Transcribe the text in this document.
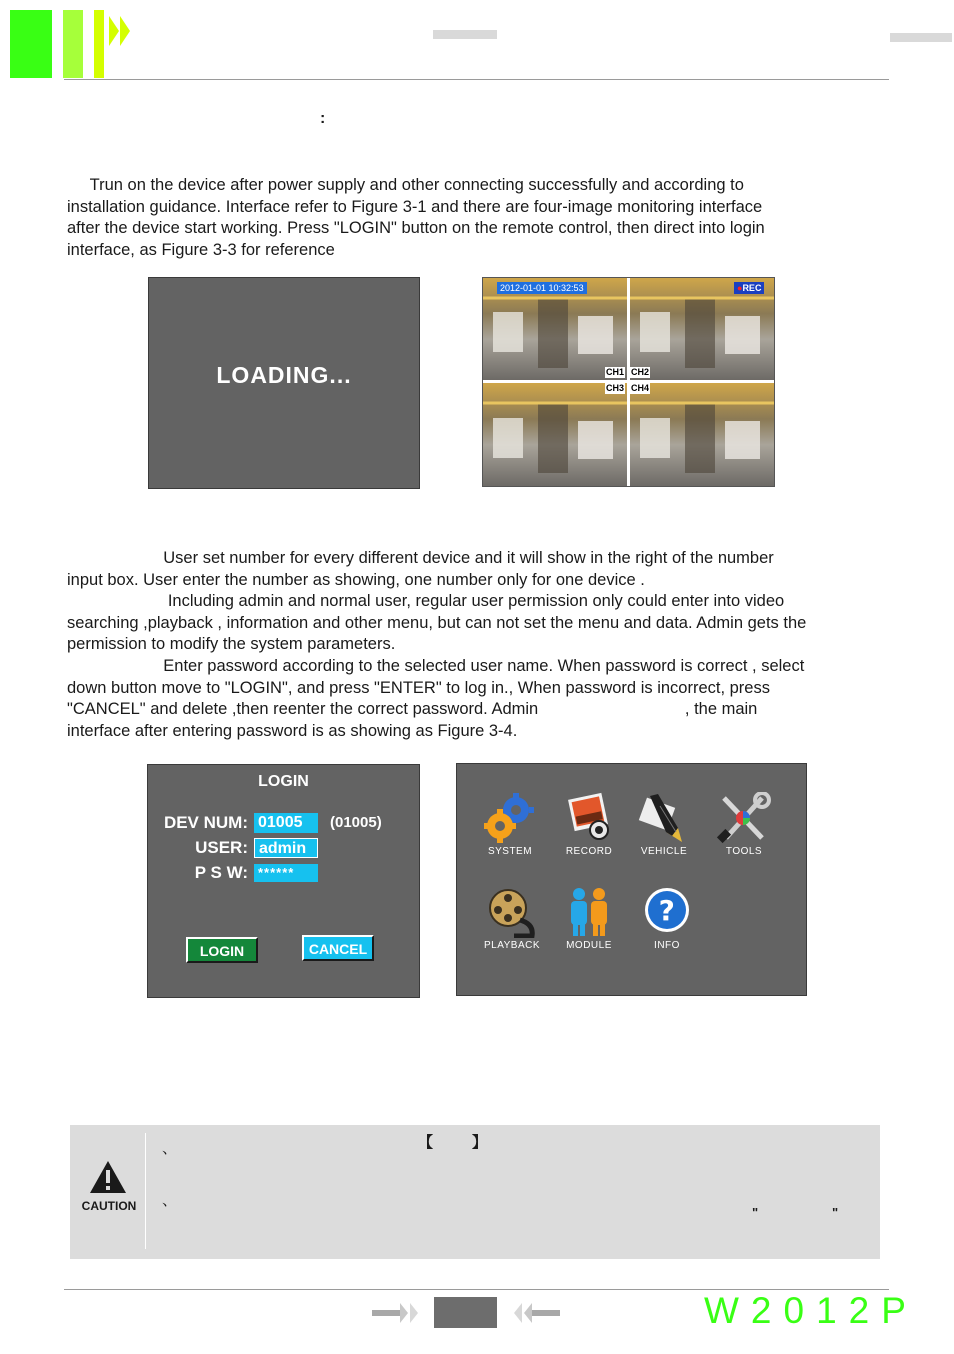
:
Trun on the device after power supply and other connecting successfully and according to
installation guidance. Interface refer to Figure 3-1 and there are four-image monitoring interface
after the device start working. Press "LOGIN" button on the remote control, then direct into login
interface, as Figure 3-3 for reference
LOADING...
2012-01-01 10:32:53	●REC
CH1 CH2
CH3 CH4
User set number for every different device and it will show in the right of the number
input box. User enter the number as showing, one number only for one device .
Including admin and normal user, regular user permission only could enter into video
searching ,playback , information and other menu, but can not set the menu and data. Admin gets the
permission to modify the system parameters.
Enter password according to the selected user name. When password is correct , select
down button move to "LOGIN", and press "ENTER" to log in., When password is incorrect, press
"CANCEL" and delete ,then reenter the correct password. Admin                                , the main
interface after entering password is as showing as Figure 3-4.
LOGIN
DEV NUM: 01005	(01005)
USER: admin
P S W: ******
LOGIN	CANCEL
SYSTEM	RECORD	VEHICLE	TOOLS
PLAYBACK	MODULE
?
INFO
CAUTION
、	【	】
、
"	"
W2012P
